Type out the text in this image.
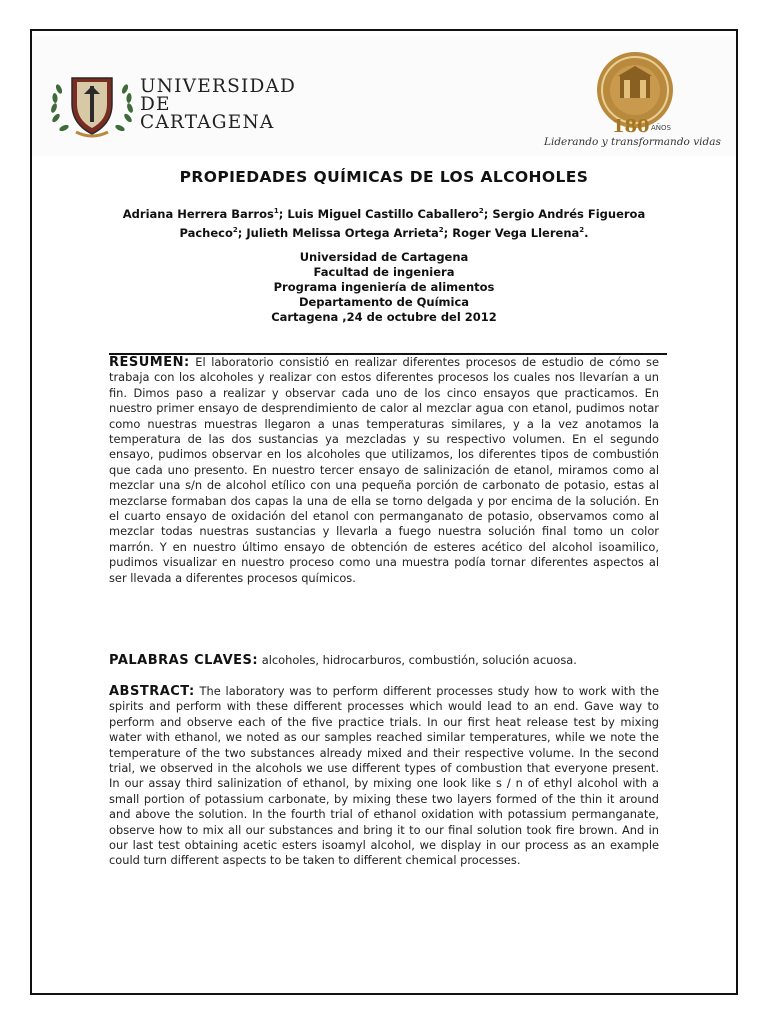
UNIVERSIDAD
DE
CARTAGENA	180 AÑOS
Liderando y transformando vidas
PROPIEDADES QUÍMICAS DE LOS ALCOHOLES
Adriana Herrera Barros$^1$; Luis Miguel Castillo Caballero$^2$; Sergio Andrés Figueroa Pacheco$^2$; Julieth Melissa Ortega Arrieta$^2$; Roger Vega Llerena$^2$.
Universidad de Cartagena
Facultad de ingeniera
Programa ingeniería de alimentos
Departamento de Química
Cartagena ,24 de octubre del 2012
RESUMEN: El laboratorio consistió en realizar diferentes procesos de estudio de cómo se trabaja con los alcoholes y realizar con estos diferentes procesos los cuales nos llevarían a un fin. Dimos paso a realizar y observar cada uno de los cinco ensayos que practicamos. En nuestro primer ensayo de desprendimiento de calor al mezclar agua con etanol, pudimos notar como nuestras muestras llegaron a unas temperaturas similares, y a la vez anotamos la temperatura de las dos sustancias ya mezcladas y su respectivo volumen. En el segundo ensayo, pudimos observar en los alcoholes que utilizamos, los diferentes tipos de combustión que cada uno presento. En nuestro tercer ensayo de salinización de etanol, miramos como al mezclar una s/n de alcohol etílico con una pequeña porción de carbonato de potasio, estas al mezclarse formaban dos capas la una de ella se torno delgada y por encima de la solución. En el cuarto ensayo de oxidación del etanol con permanganato de potasio, observamos como al mezclar todas nuestras sustancias y llevarla a fuego nuestra solución final tomo un color marrón. Y en nuestro último ensayo de obtención de esteres acético del alcohol isoamilico, pudimos visualizar en nuestro proceso como una muestra podía tornar diferentes aspectos al ser llevada a diferentes procesos químicos.
PALABRAS CLAVES: alcoholes, hidrocarburos, combustión, solución acuosa.
ABSTRACT: The laboratory was to perform different processes study how to work with the spirits and perform with these different processes which would lead to an end. Gave way to perform and observe each of the five practice trials. In our first heat release test by mixing water with ethanol, we noted as our samples reached similar temperatures, while we note the temperature of the two substances already mixed and their respective volume. In the second trial, we observed in the alcohols we use different types of combustion that everyone present. In our assay third salinization of ethanol, by mixing one look like s / n of ethyl alcohol with a small portion of potassium carbonate, by mixing these two layers formed of the thin it around and above the solution. In the fourth trial of ethanol oxidation with potassium permanganate, observe how to mix all our substances and bring it to our final solution took fire brown. And in our last test obtaining acetic esters isoamyl alcohol, we display in our process as an example could turn different aspects to be taken to different chemical processes.
